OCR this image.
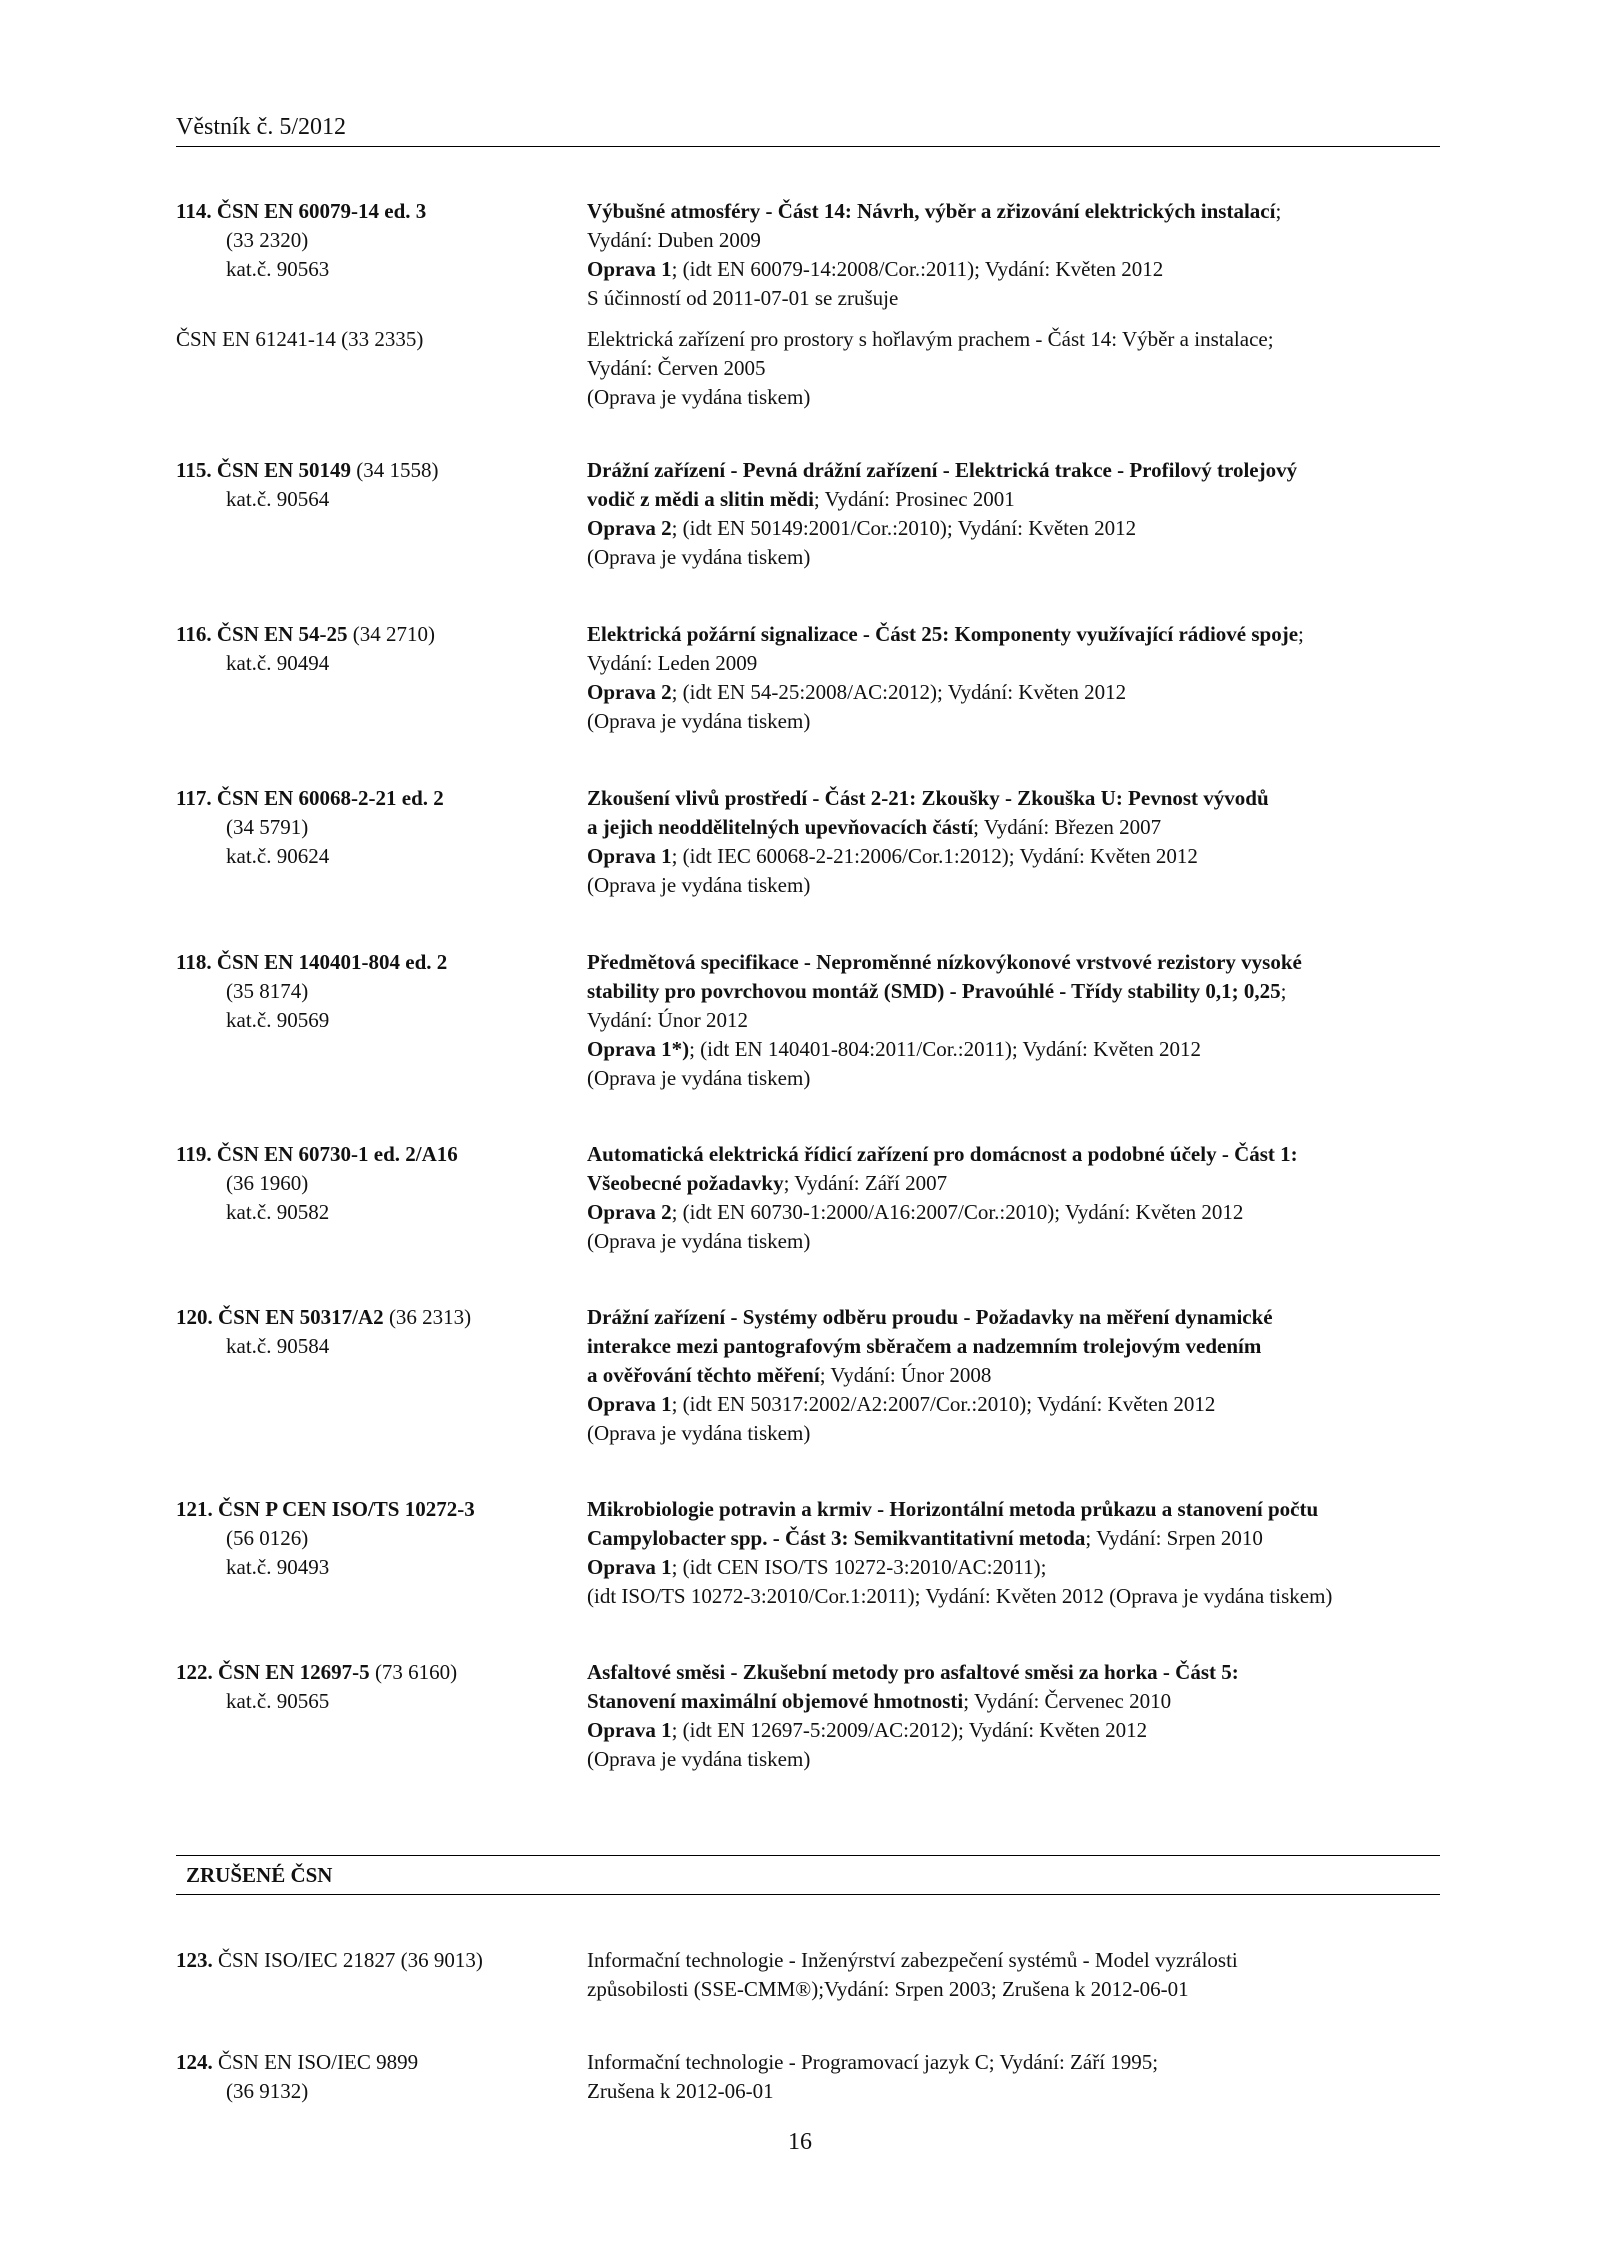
Věstník č. 5/2012
114. ČSN EN 60079-14 ed. 3
(33 2320)
kat.č. 90563
Výbušné atmosféry - Část 14: Návrh, výběr a zřizování elektrických instalací;
Vydání: Duben 2009
Oprava 1; (idt EN 60079-14:2008/Cor.:2011); Vydání: Květen 2012
S účinností od 2011-07-01 se zrušuje
ČSN EN 61241-14 (33 2335)	Elektrická zařízení pro prostory s hořlavým prachem - Část 14: Výběr a instalace;
Vydání: Červen 2005
(Oprava je vydána tiskem)
115. ČSN EN 50149 (34 1558)
kat.č. 90564
Drážní zařízení - Pevná drážní zařízení - Elektrická trakce - Profilový trolejový
vodič z mědi a slitin mědi; Vydání: Prosinec 2001
Oprava 2; (idt EN 50149:2001/Cor.:2010); Vydání: Květen 2012
(Oprava je vydána tiskem)
116. ČSN EN 54-25 (34 2710)
kat.č. 90494
Elektrická požární signalizace - Část 25: Komponenty využívající rádiové spoje;
Vydání: Leden 2009
Oprava 2; (idt EN 54-25:2008/AC:2012); Vydání: Květen 2012
(Oprava je vydána tiskem)
117. ČSN EN 60068-2-21 ed. 2
(34 5791)
kat.č. 90624
Zkoušení vlivů prostředí - Část 2-21: Zkoušky - Zkouška U: Pevnost vývodů
a jejich neoddělitelných upevňovacích částí; Vydání: Březen 2007
Oprava 1; (idt IEC 60068-2-21:2006/Cor.1:2012); Vydání: Květen 2012
(Oprava je vydána tiskem)
118. ČSN EN 140401-804 ed. 2
(35 8174)
kat.č. 90569
Předmětová specifikace - Neproměnné nízkovýkonové vrstvové rezistory vysoké
stability pro povrchovou montáž (SMD) - Pravoúhlé - Třídy stability 0,1; 0,25;
Vydání: Únor 2012
Oprava 1*); (idt EN 140401-804:2011/Cor.:2011); Vydání: Květen 2012
(Oprava je vydána tiskem)
119. ČSN EN 60730-1 ed. 2/A16
(36 1960)
kat.č. 90582
Automatická elektrická řídicí zařízení pro domácnost a podobné účely - Část 1:
Všeobecné požadavky; Vydání: Září 2007
Oprava 2; (idt EN 60730-1:2000/A16:2007/Cor.:2010); Vydání: Květen 2012
(Oprava je vydána tiskem)
120. ČSN EN 50317/A2 (36 2313)
kat.č. 90584
Drážní zařízení - Systémy odběru proudu - Požadavky na měření dynamické
interakce mezi pantografovým sběračem a nadzemním trolejovým vedením
a ověřování těchto měření; Vydání: Únor 2008
Oprava 1; (idt EN 50317:2002/A2:2007/Cor.:2010); Vydání: Květen 2012
(Oprava je vydána tiskem)
121. ČSN P CEN ISO/TS 10272-3
(56 0126)
kat.č. 90493
Mikrobiologie potravin a krmiv - Horizontální metoda průkazu a stanovení počtu
Campylobacter spp. - Část 3: Semikvantitativní metoda; Vydání: Srpen 2010
Oprava 1; (idt CEN ISO/TS 10272-3:2010/AC:2011);
(idt ISO/TS 10272-3:2010/Cor.1:2011); Vydání: Květen 2012 (Oprava je vydána tiskem)
122. ČSN EN 12697-5 (73 6160)
kat.č. 90565
Asfaltové směsi - Zkušební metody pro asfaltové směsi za horka - Část 5:
Stanovení maximální objemové hmotnosti; Vydání: Červenec 2010
Oprava 1; (idt EN 12697-5:2009/AC:2012); Vydání: Květen 2012
(Oprava je vydána tiskem)
ZRUŠENÉ ČSN
123. ČSN ISO/IEC 21827 (36 9013)	Informační technologie - Inženýrství zabezpečení systémů - Model vyzrálosti
způsobilosti (SSE-CMM®);Vydání: Srpen 2003; Zrušena k 2012-06-01
124. ČSN EN ISO/IEC 9899
(36 9132)
Informační technologie - Programovací jazyk C; Vydání: Září 1995;
Zrušena k 2012-06-01
16
